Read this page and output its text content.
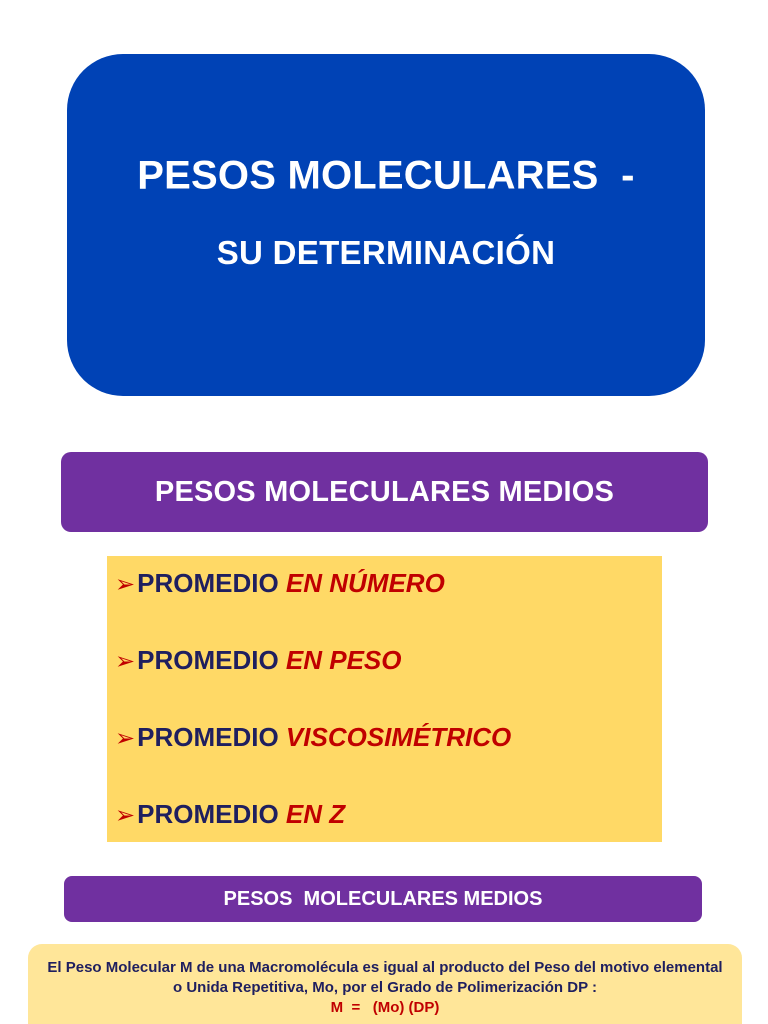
PESOS MOLECULARES  -
SU DETERMINACIÓN
PESOS MOLECULARES MEDIOS
➢PROMEDIO EN NÚMERO
➢PROMEDIO EN PESO
➢PROMEDIO VISCOSIMÉTRICO
➢PROMEDIO EN Z
PESOS  MOLECULARES MEDIOS
El Peso Molecular M de una Macromolécula es igual al producto del Peso del motivo elemental o Unida Repetitiva, Mo, por el Grado de Polimerización DP :
M  =   (Mo) (DP)
